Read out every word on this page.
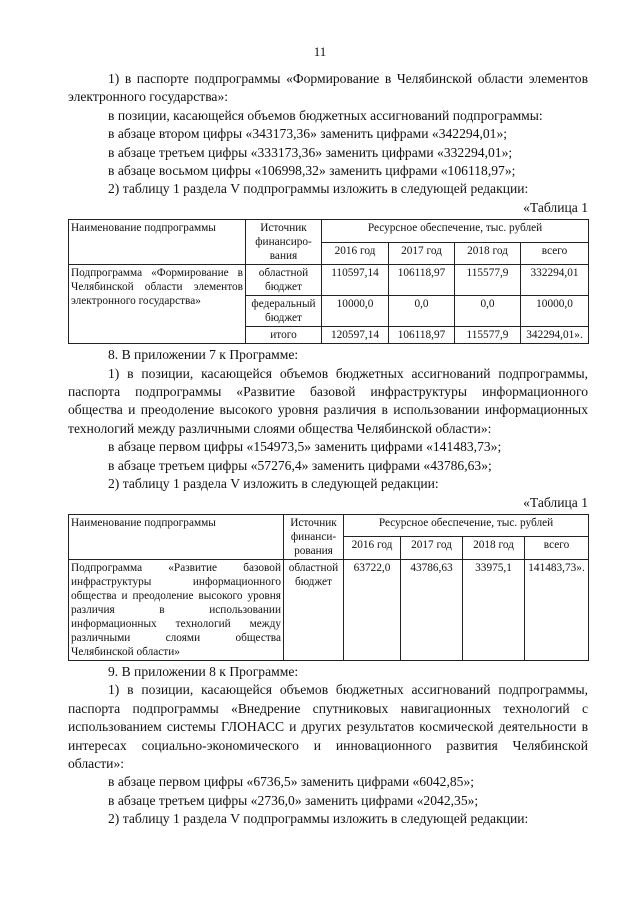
11

1) в паспорте подпрограммы «Формирование в Челябинской области элементов электронного государства»:

в позиции, касающейся объемов бюджетных ассигнований подпрограммы:

в абзаце втором цифры «343173,36» заменить цифрами «342294,01»;

в абзаце третьем цифры «333173,36» заменить цифрами «332294,01»;

в абзаце восьмом цифры «106998,32» заменить цифрами «106118,97»;

2) таблицу 1 раздела V подпрограммы изложить в следующей редакции:

«Таблица 1

Наименование подпрограммы	Источник финансиро-вания	Ресурсное обеспечение, тыс. рублей			
		2016 год	2017 год	2018 год	всего
Подпрограмма «Формирование в Челябинской области элементов электронного государства»	областной бюджет	110597,14	106118,97	115577,9	332294,01
	федеральный бюджет	10000,0	0,0	0,0	10000,0
	итого	120597,14	106118,97	115577,9	342294,01».

8. В приложении 7 к Программе:

1) в позиции, касающейся объемов бюджетных ассигнований подпрограммы, паспорта подпрограммы «Развитие базовой инфраструктуры информационного общества и преодоление высокого уровня различия в использовании информационных технологий между различными слоями общества Челябинской области»:

в абзаце первом цифры «154973,5» заменить цифрами «141483,73»;

в абзаце третьем цифры «57276,4» заменить цифрами «43786,63»;

2) таблицу 1 раздела V изложить в следующей редакции:

«Таблица 1

Наименование подпрограммы	Источник финанси-рования	Ресурсное обеспечение, тыс. рублей			
		2016 год	2017 год	2018 год	всего
Подпрограмма «Развитие базовой инфраструктуры информационного общества и преодоление высокого уровня различия в использовании информационных технологий между различными слоями общества Челябинской области»	областной бюджет	63722,0	43786,63	33975,1	141483,73».

9. В приложении 8 к Программе:

1) в позиции, касающейся объемов бюджетных ассигнований подпрограммы, паспорта подпрограммы «Внедрение спутниковых навигационных технологий с использованием системы ГЛОНАСС и других результатов космической деятельности в интересах социально-экономического и инновационного развития Челябинской области»:

в абзаце первом цифры «6736,5» заменить цифрами «6042,85»;

в абзаце третьем цифры «2736,0» заменить цифрами «2042,35»;

2) таблицу 1 раздела V подпрограммы изложить в следующей редакции:
